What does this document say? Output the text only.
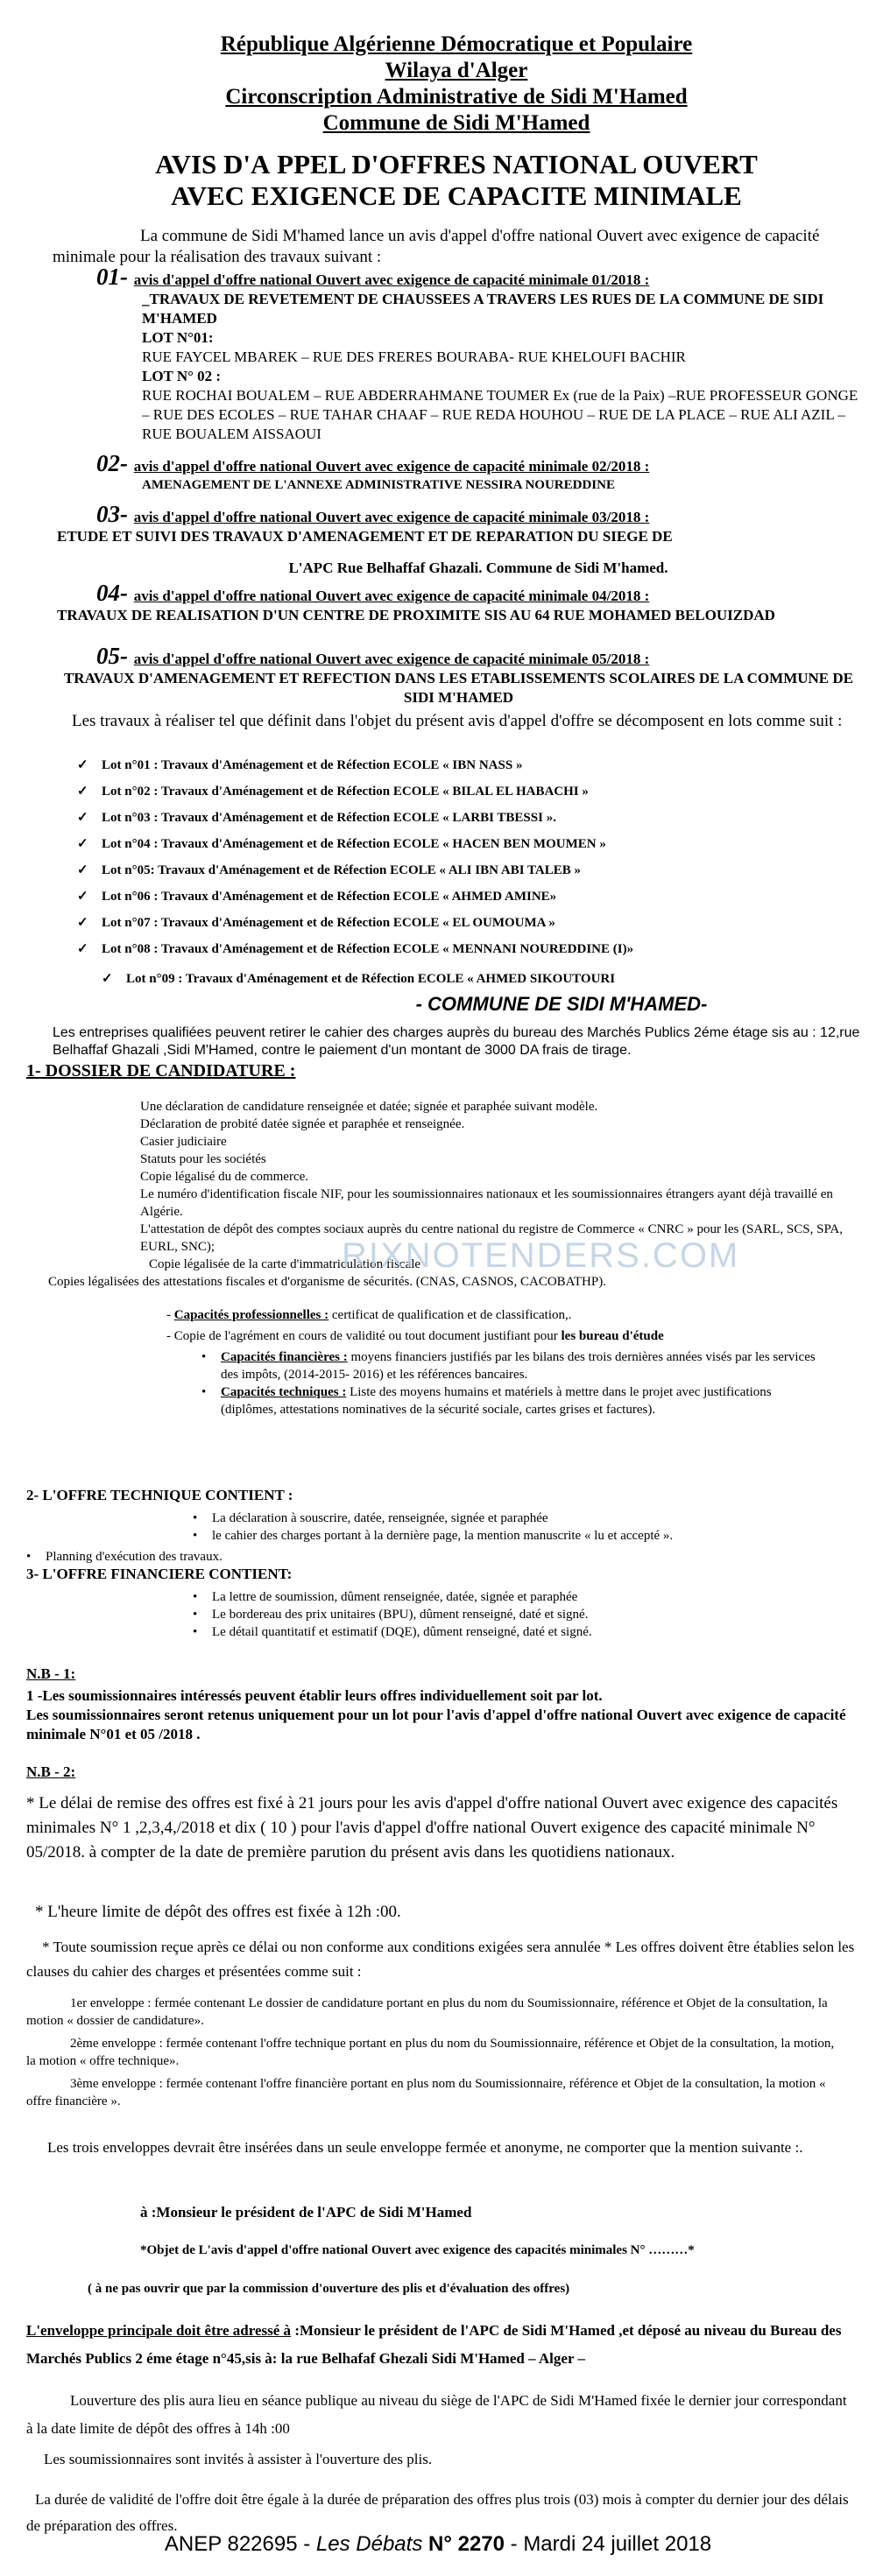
République Algérienne Démocratique et Populaire
Wilaya d'Alger
Circonscription Administrative de Sidi M'Hamed
Commune de Sidi M'Hamed
AVIS D'A PPEL D'OFFRES NATIONAL OUVERT
AVEC EXIGENCE DE CAPACITE MINIMALE
La commune de Sidi M'hamed lance un avis d'appel d'offre national Ouvert avec exigence de capacité minimale pour la réalisation des travaux suivant :
01- avis d'appel d'offre national Ouvert avec exigence de capacité minimale 01/2018 :
_TRAVAUX DE REVETEMENT DE CHAUSSEES A TRAVERS LES RUES DE LA COMMUNE DE SIDI M'HAMED
LOT N°01:
RUE FAYCEL MBAREK – RUE DES FRERES BOURABA- RUE KHELOUFI BACHIR
LOT N° 02 :
RUE ROCHAI BOUALEM – RUE ABDERRAHMANE TOUMER Ex (rue de la Paix) –RUE PROFESSEUR GONGE – RUE DES ECOLES – RUE TAHAR CHAAF – RUE REDA HOUHOU – RUE DE LA PLACE – RUE ALI AZIL – RUE BOUALEM AISSAOUI
02- avis d'appel d'offre national Ouvert avec exigence de capacité minimale 02/2018 :
AMENAGEMENT DE L'ANNEXE ADMINISTRATIVE NESSIRA NOUREDDINE
03- avis d'appel d'offre national Ouvert avec exigence de capacité minimale 03/2018 :
ETUDE ET SUIVI DES TRAVAUX D'AMENAGEMENT ET DE REPARATION DU SIEGE DE
L'APC Rue Belhaffaf Ghazali. Commune de Sidi M'hamed.
04- avis d'appel d'offre national Ouvert avec exigence de capacité minimale 04/2018 :
TRAVAUX DE REALISATION D'UN CENTRE DE PROXIMITE SIS AU 64 RUE MOHAMED BELOUIZDAD
05- avis d'appel d'offre national Ouvert avec exigence de capacité minimale 05/2018 :
TRAVAUX D'AMENAGEMENT ET REFECTION DANS LES ETABLISSEMENTS SCOLAIRES DE LA COMMUNE DE SIDI M'HAMED
Les travaux à réaliser tel que définit dans l'objet du présent avis d'appel d'offre se décomposent en lots comme suit :
✓ Lot n°01 : Travaux d'Aménagement et de Réfection ECOLE « IBN NASS »
✓ Lot n°02 : Travaux d'Aménagement et de Réfection ECOLE « BILAL EL HABACHI »
✓ Lot n°03 : Travaux d'Aménagement et de Réfection ECOLE « LARBI TBESSI ».
✓ Lot n°04 : Travaux d'Aménagement et de Réfection ECOLE « HACEN BEN MOUMEN »
✓ Lot n°05: Travaux d'Aménagement et de Réfection ECOLE « ALI IBN ABI TALEB »
✓ Lot n°06 : Travaux d'Aménagement et de Réfection ECOLE « AHMED AMINE»
✓ Lot n°07 : Travaux d'Aménagement et de Réfection ECOLE « EL OUMOUMA »
✓ Lot n°08 : Travaux d'Aménagement et de Réfection ECOLE « MENNANI NOUREDDINE (I)»
✓ Lot n°09 : Travaux d'Aménagement et de Réfection ECOLE « AHMED SIKOUTOURI
- COMMUNE DE SIDI M'HAMED-
Les entreprises qualifiées peuvent retirer le cahier des charges auprès du bureau des Marchés Publics 2éme étage sis au : 12,rue Belhaffaf Ghazali ,Sidi M'Hamed, contre le paiement d'un montant de 3000 DA frais de tirage.
1- DOSSIER DE CANDIDATURE :
Une déclaration de candidature renseignée et datée; signée et paraphée suivant modèle.
Déclaration de probité datée signée et paraphée et renseignée.
Casier judiciaire
Statuts pour les sociétés
Copie légalisé du de commerce.
Le numéro d'identification fiscale NIF, pour les soumissionnaires nationaux et les soumissionnaires étrangers ayant déjà travaillé en Algérie.
L'attestation de dépôt des comptes sociaux auprès du centre national du registre de Commerce « CNRC » pour les (SARL, SCS, SPA, EURL, SNC);
Copie légalisée de la carte d'immatriculation fiscale
Copies légalisées des attestations fiscales et d'organisme de sécurités. (CNAS, CASNOS, CACOBATHP).
RIXNOTENDERS.COM
- Capacités professionnelles : certificat de qualification et de classification,.
- Copie de l'agrément en cours de validité ou tout document justifiant pour les bureau d'étude
• Capacités financières : moyens financiers justifiés par les bilans des trois dernières années visés par les services des impôts, (2014-2015- 2016) et les références bancaires.
• Capacités techniques : Liste des moyens humains et matériels à mettre dans le projet avec justifications (diplômes, attestations nominatives de la sécurité sociale, cartes grises et factures).
2- L'OFFRE TECHNIQUE CONTIENT :
• La déclaration à souscrire, datée, renseignée, signée et paraphée
• le cahier des charges portant à la dernière page, la mention manuscrite « lu et accepté ».
• Planning d'exécution des travaux.
3- L'OFFRE FINANCIERE CONTIENT:
• La lettre de soumission, dûment renseignée, datée, signée et paraphée
• Le bordereau des prix unitaires (BPU), dûment renseigné, daté et signé.
• Le détail quantitatif et estimatif (DQE), dûment renseigné, daté et signé.
N.B - 1:
1 -Les soumissionnaires intéressés peuvent établir leurs offres individuellement soit par lot.
Les soumissionnaires seront retenus uniquement pour un lot pour l'avis d'appel d'offre national Ouvert avec exigence de capacité minimale N°01 et 05 /2018 .
N.B - 2:
* Le délai de remise des offres est fixé à 21 jours pour les avis d'appel d'offre national Ouvert avec exigence des capacités minimales N° 1 ,2,3,4,/2018 et dix ( 10 ) pour l'avis d'appel d'offre national Ouvert exigence des capacité minimale N° 05/2018. à compter de la date de première parution du présent avis dans les quotidiens nationaux.
* L'heure limite de dépôt des offres est fixée à 12h :00.
* Toute soumission reçue après ce délai ou non conforme aux conditions exigées sera annulée * Les offres doivent être établies selon les clauses du cahier des charges et présentées comme suit :
1er enveloppe : fermée contenant Le dossier de candidature portant en plus du nom du Soumissionnaire, référence et Objet de la consultation, la motion « dossier de candidature».
2ème enveloppe : fermée contenant l'offre technique portant en plus du nom du Soumissionnaire, référence et Objet de la consultation, la motion, la motion « offre technique».
3ème enveloppe : fermée contenant l'offre financière portant en plus nom du Soumissionnaire, référence et Objet de la consultation, la motion « offre financière ».
Les trois enveloppes devrait être insérées dans un seule enveloppe fermée et anonyme, ne comporter que la mention suivante :.
à :Monsieur le président de l'APC de Sidi M'Hamed
*Objet de L'avis d'appel d'offre national Ouvert avec exigence des capacités minimales N° ………*
( à ne pas ouvrir que par la commission d'ouverture des plis et d'évaluation des offres)
L'enveloppe principale doit être adressé à :Monsieur le président de l'APC de Sidi M'Hamed ,et déposé au niveau du Bureau des Marchés Publics 2 éme étage n°45,sis à: la rue Belhafaf Ghezali Sidi M'Hamed – Alger –
Louverture des plis aura lieu en séance publique au niveau du siège de l'APC de Sidi M'Hamed fixée le dernier jour correspondant à la date limite de dépôt des offres à 14h :00
Les soumissionnaires sont invités à assister à l'ouverture des plis.
La durée de validité de l'offre doit être égale à la durée de préparation des offres plus trois (03) mois à compter du dernier jour des délais de préparation des offres.
ANEP 822695 - Les Débats N° 2270 - Mardi 24 juillet 2018
